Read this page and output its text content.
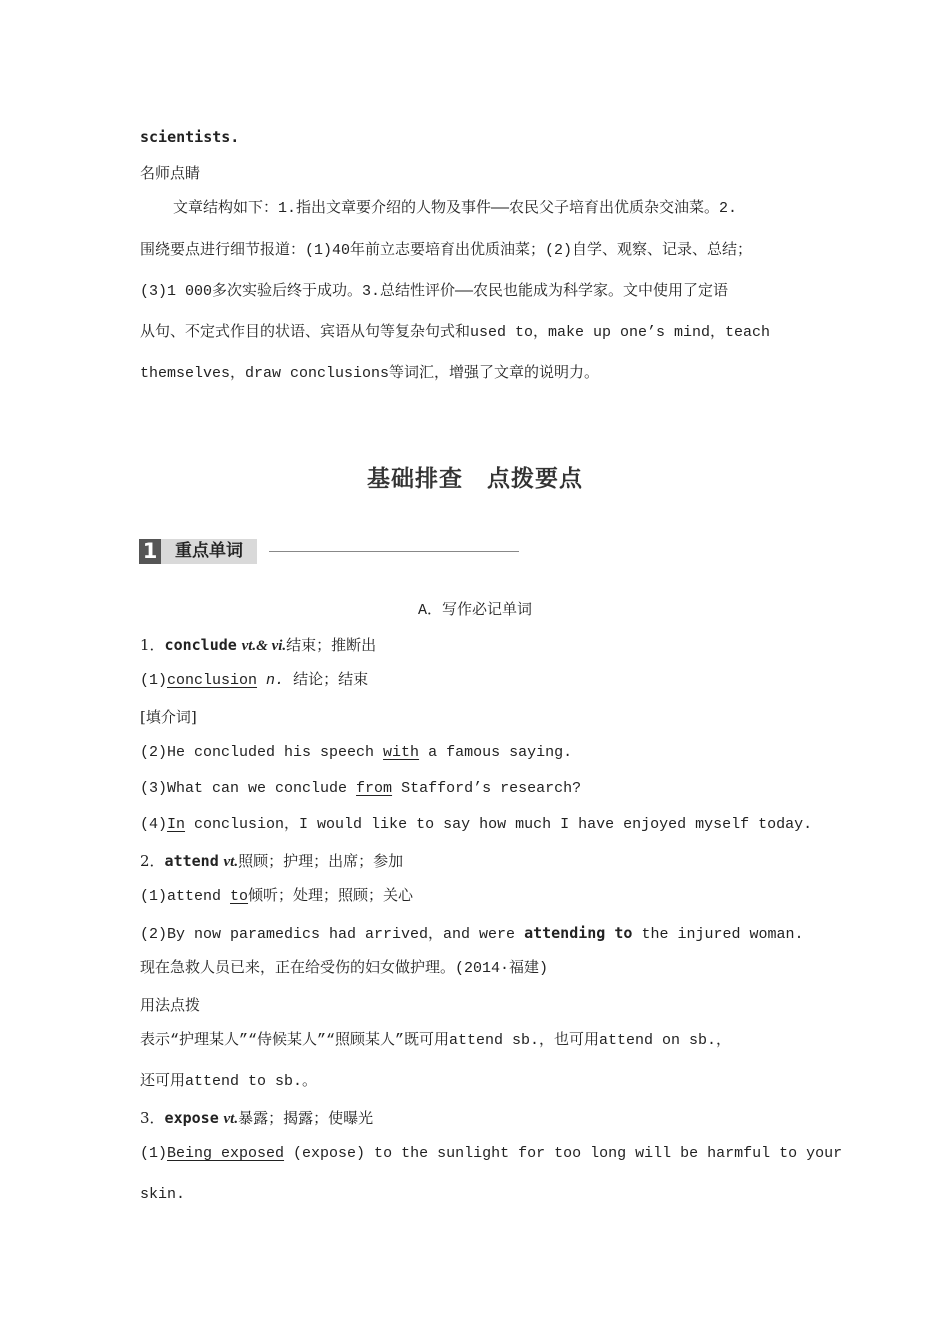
scientists.
名师点睛
文章结构如下：1.指出文章要介绍的人物及事件——农民父子培育出优质杂交油菜。2.
围绕要点进行细节报道：(1)40年前立志要培育出优质油菜；(2)自学、观察、记录、总结；
(3)1 000多次实验后终于成功。3.总结性评价——农民也能成为科学家。文中使用了定语
从句、不定式作目的状语、宾语从句等复杂句式和used to，make up one’s mind，teach
themselves，draw conclusions等词汇，增强了文章的说明力。
基础排查　点拨要点
1	重点单词
A．写作必记单词
1．conclude vt.& vi.结束；推断出
(1)conclusion n. 结论；结束
[填介词]
(2)He concluded his speech with a famous saying.
(3)What can we conclude from Stafford’s research?
(4)In conclusion，I would like to say how much I have enjoyed myself today.
2．attend vt.照顾；护理；出席；参加
(1)attend to倾听；处理；照顾；关心
(2)By now paramedics had arrived，and were attending to the injured woman.
现在急救人员已来，正在给受伤的妇女做护理。(2014·福建)
用法点拨
表示“护理某人”“侍候某人”“照顾某人”既可用attend sb.，也可用attend on sb.，
还可用attend to sb.。
3．expose vt.暴露；揭露；使曝光
(1)Being exposed (expose) to the sunlight for too long will be harmful to your
skin.
